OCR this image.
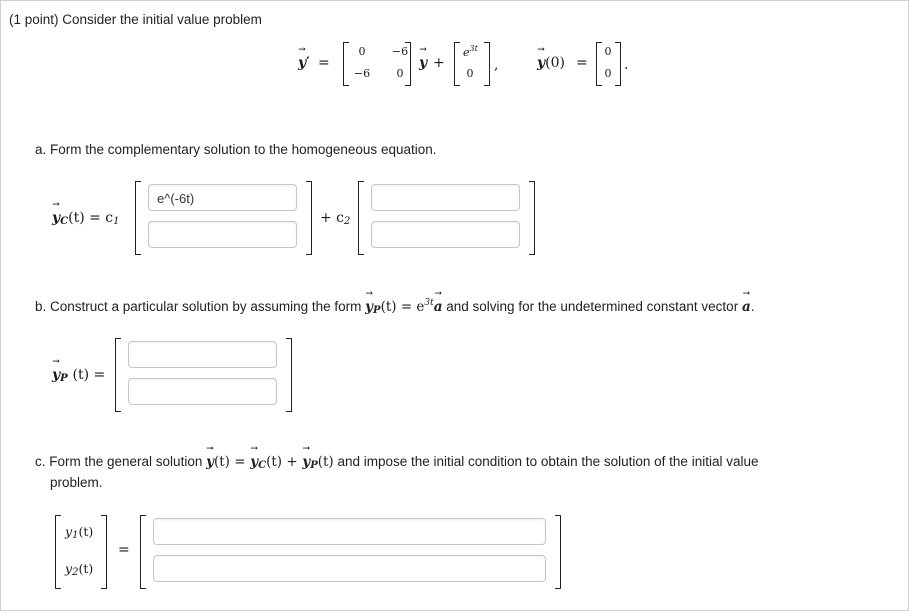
(1 point) Consider the initial value problem
→ y′ =
0	−6
−6	0
→ y +
$e^{3t}$
0
,	→ y(0) =
0
0
.
a. Form the complementary solution to the homogeneous equation.
→ $y_C(t) = c_1$
e^(-6t)
+ $c_2$
b. Construct a particular solution by assuming the form → $y_P(t) = e^{3t}\to a$ and solving for the undetermined constant vector → a.
→ $y_P$ (t) =
c. Form the general solution → y(t) = → $y_C(t)$ + → $y_P(t)$ and impose the initial condition to obtain the solution of the initial value
problem.
$y_1(t)$
$y_2(t)$
=
